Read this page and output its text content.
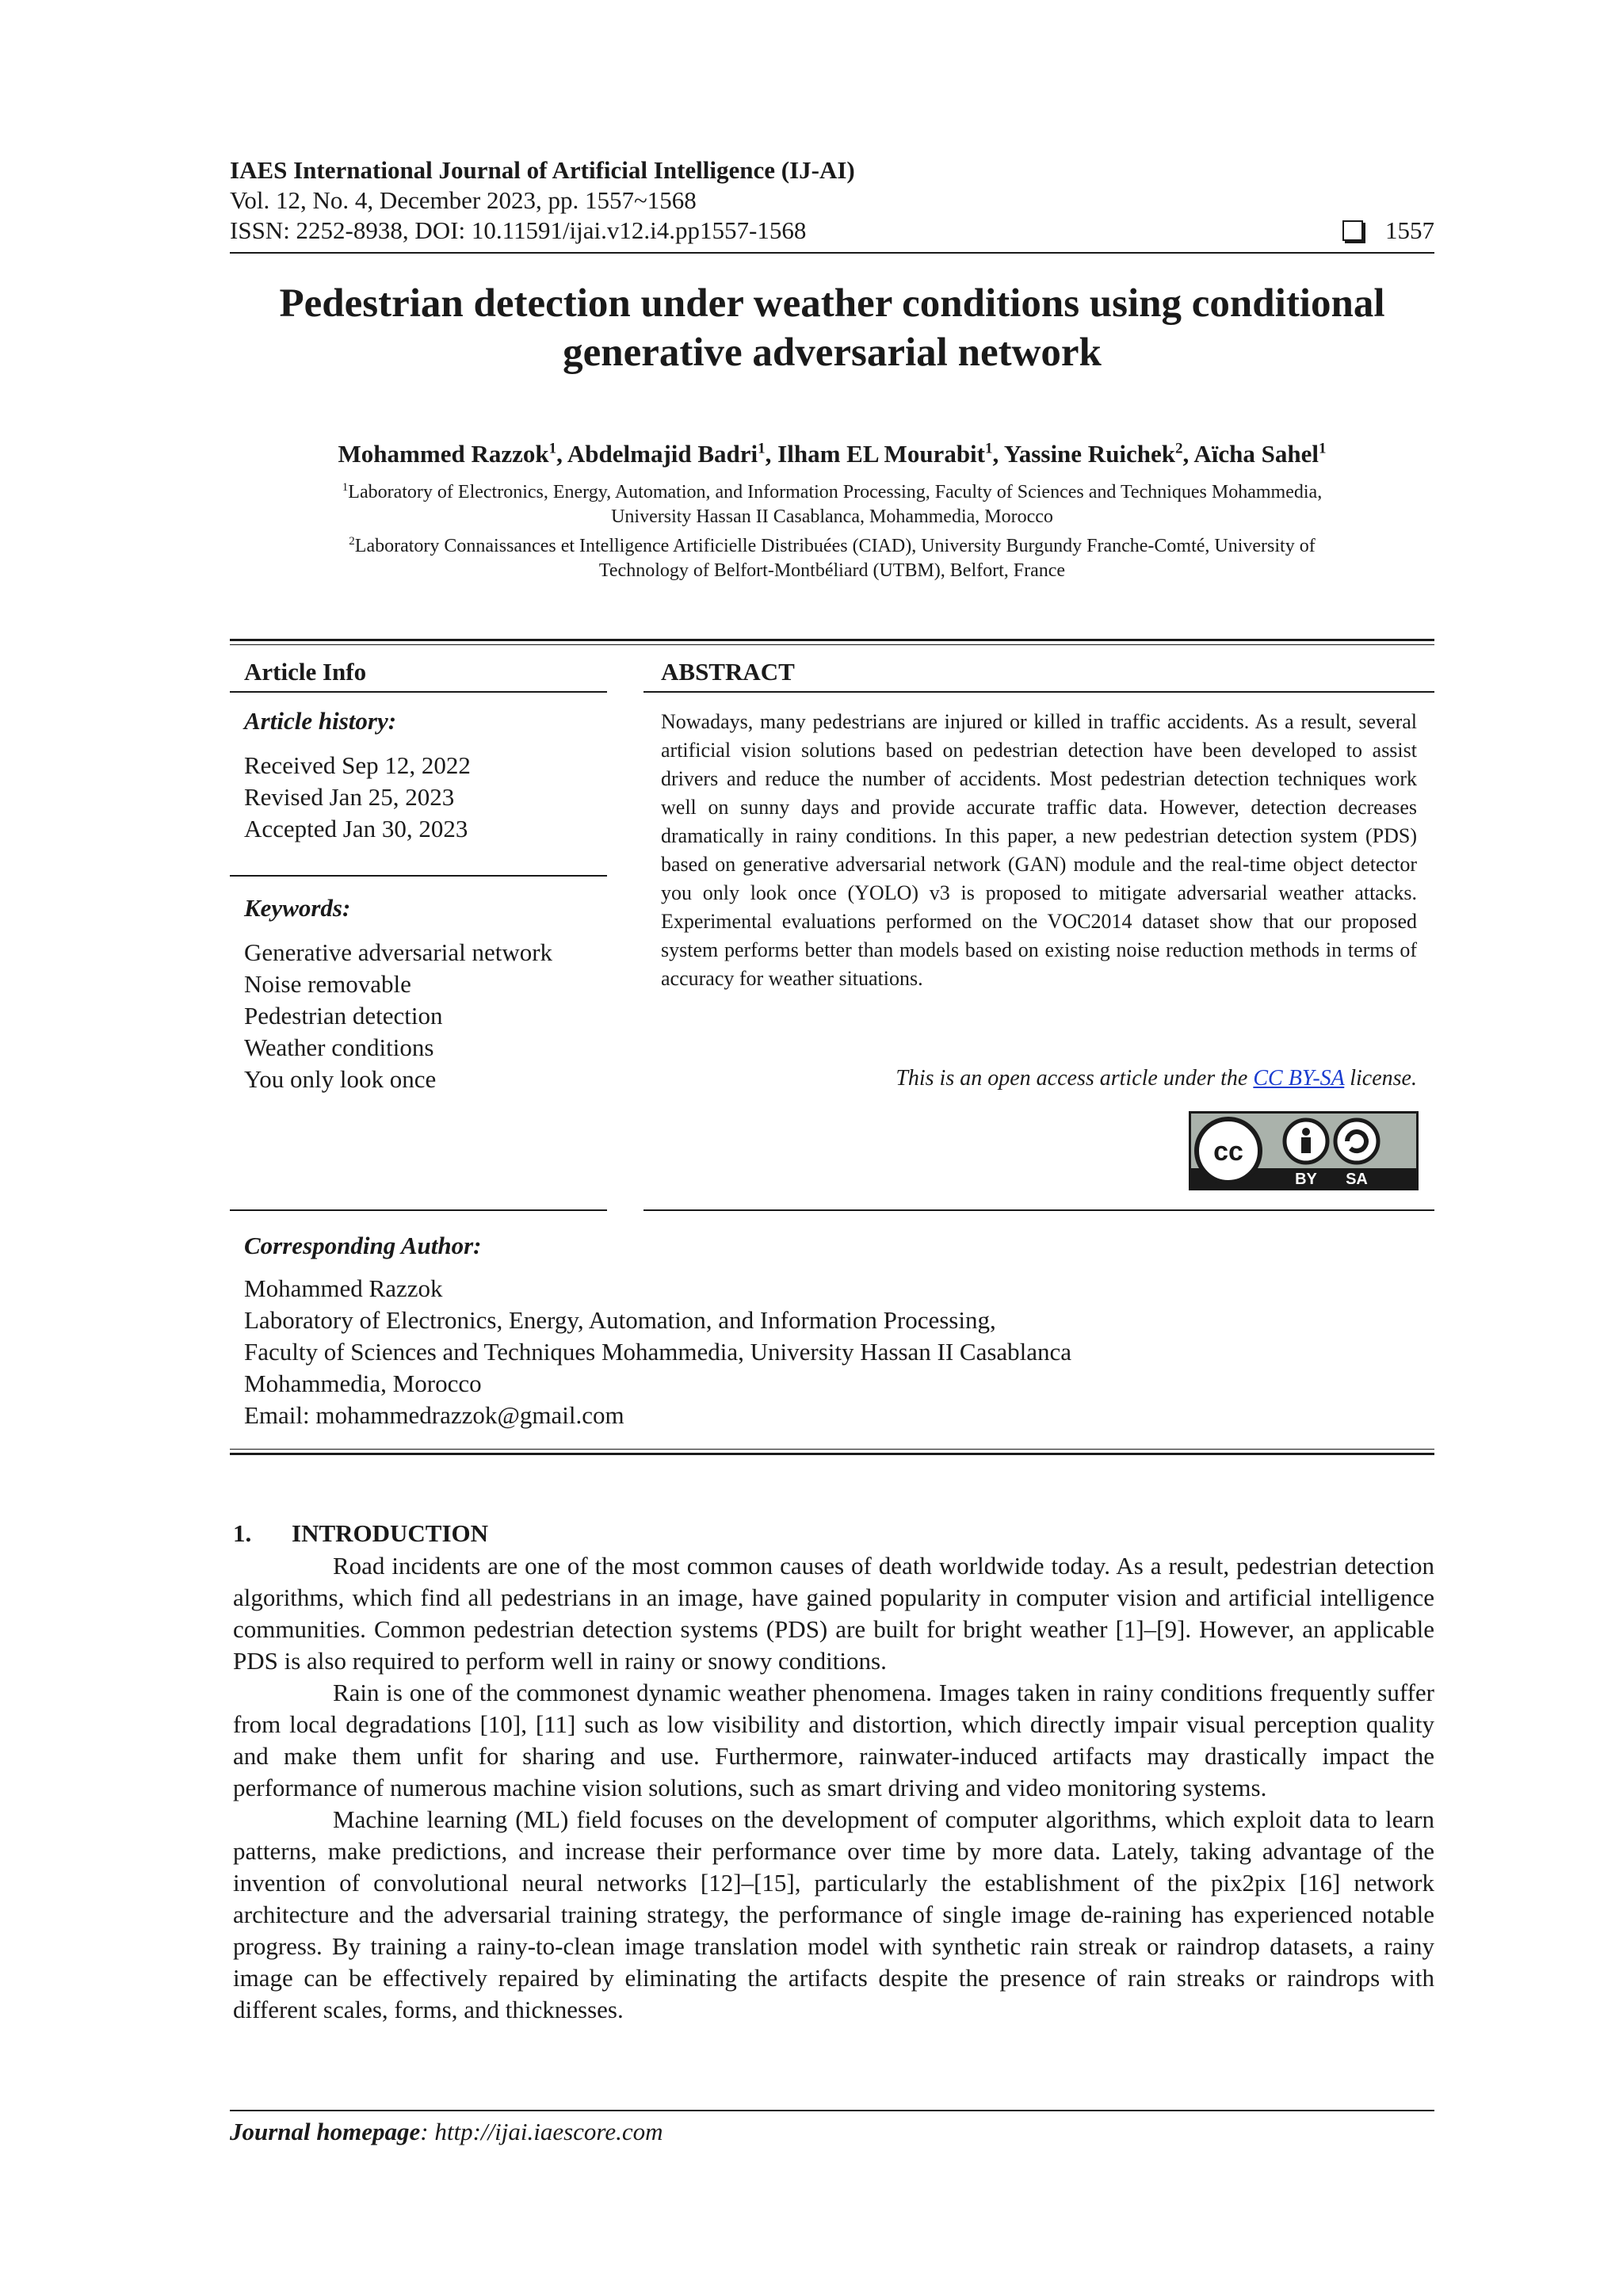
IAES International Journal of Artificial Intelligence (IJ-AI)
Vol. 12, No. 4, December 2023, pp. 1557~1568
ISSN: 2252-8938, DOI: 10.11591/ijai.v12.i4.pp1557-1568	1557
Pedestrian detection under weather conditions using conditional
generative adversarial network
Mohammed Razzok$^1$, Abdelmajid Badri$^1$, Ilham EL Mourabit$^1$, Yassine Ruichek$^2$, Aïcha Sahel$^1$
$^1$Laboratory of Electronics, Energy, Automation, and Information Processing, Faculty of Sciences and Techniques Mohammedia,
University Hassan II Casablanca, Mohammedia, Morocco
$^2$Laboratory Connaissances et Intelligence Artificielle Distribuées (CIAD), University Burgundy Franche-Comté, University of
Technology of Belfort-Montbéliard (UTBM), Belfort, France
Article Info
Article history:
Received Sep 12, 2022
Revised Jan 25, 2023
Accepted Jan 30, 2023
Keywords:
Generative adversarial network
Noise removable
Pedestrian detection
Weather conditions
You only look once
ABSTRACT
Nowadays, many pedestrians are injured or killed in traffic accidents. As a result, several artificial vision solutions based on pedestrian detection have been developed to assist drivers and reduce the number of accidents. Most pedestrian detection techniques work well on sunny days and provide accurate traffic data. However, detection decreases dramatically in rainy conditions. In this paper, a new pedestrian detection system (PDS) based on generative adversarial network (GAN) module and the real-time object detector you only look once (YOLO) v3 is proposed to mitigate adversarial weather attacks. Experimental evaluations performed on the VOC2014 dataset show that our proposed system performs better than models based on existing noise reduction methods in terms of accuracy for weather situations.
This is an open access article under the CC BY-SA license.
cc
BY SA
Corresponding Author:
Mohammed Razzok
Laboratory of Electronics, Energy, Automation, and Information Processing,
Faculty of Sciences and Techniques Mohammedia, University Hassan II Casablanca
Mohammedia, Morocco
Email: mohammedrazzok@gmail.com
1. INTRODUCTION

Road incidents are one of the most common causes of death worldwide today. As a result, pedestrian detection algorithms, which find all pedestrians in an image, have gained popularity in computer vision and artificial intelligence communities. Common pedestrian detection systems (PDS) are built for bright weather [1]–[9]. However, an applicable PDS is also required to perform well in rainy or snowy conditions.

Rain is one of the commonest dynamic weather phenomena. Images taken in rainy conditions frequently suffer from local degradations [10], [11] such as low visibility and distortion, which directly impair visual perception quality and make them unfit for sharing and use. Furthermore, rainwater-induced artifacts may drastically impact the performance of numerous machine vision solutions, such as smart driving and video monitoring systems.

Machine learning (ML) field focuses on the development of computer algorithms, which exploit data to learn patterns, make predictions, and increase their performance over time by more data. Lately, taking advantage of the invention of convolutional neural networks [12]–[15], particularly the establishment of the pix2pix [16] network architecture and the adversarial training strategy, the performance of single image de-raining has experienced notable progress. By training a rainy-to-clean image translation model with synthetic rain streak or raindrop datasets, a rainy image can be effectively repaired by eliminating the artifacts despite the presence of rain streaks or raindrops with different scales, forms, and thicknesses.

Journal homepage: http://ijai.iaescore.com
